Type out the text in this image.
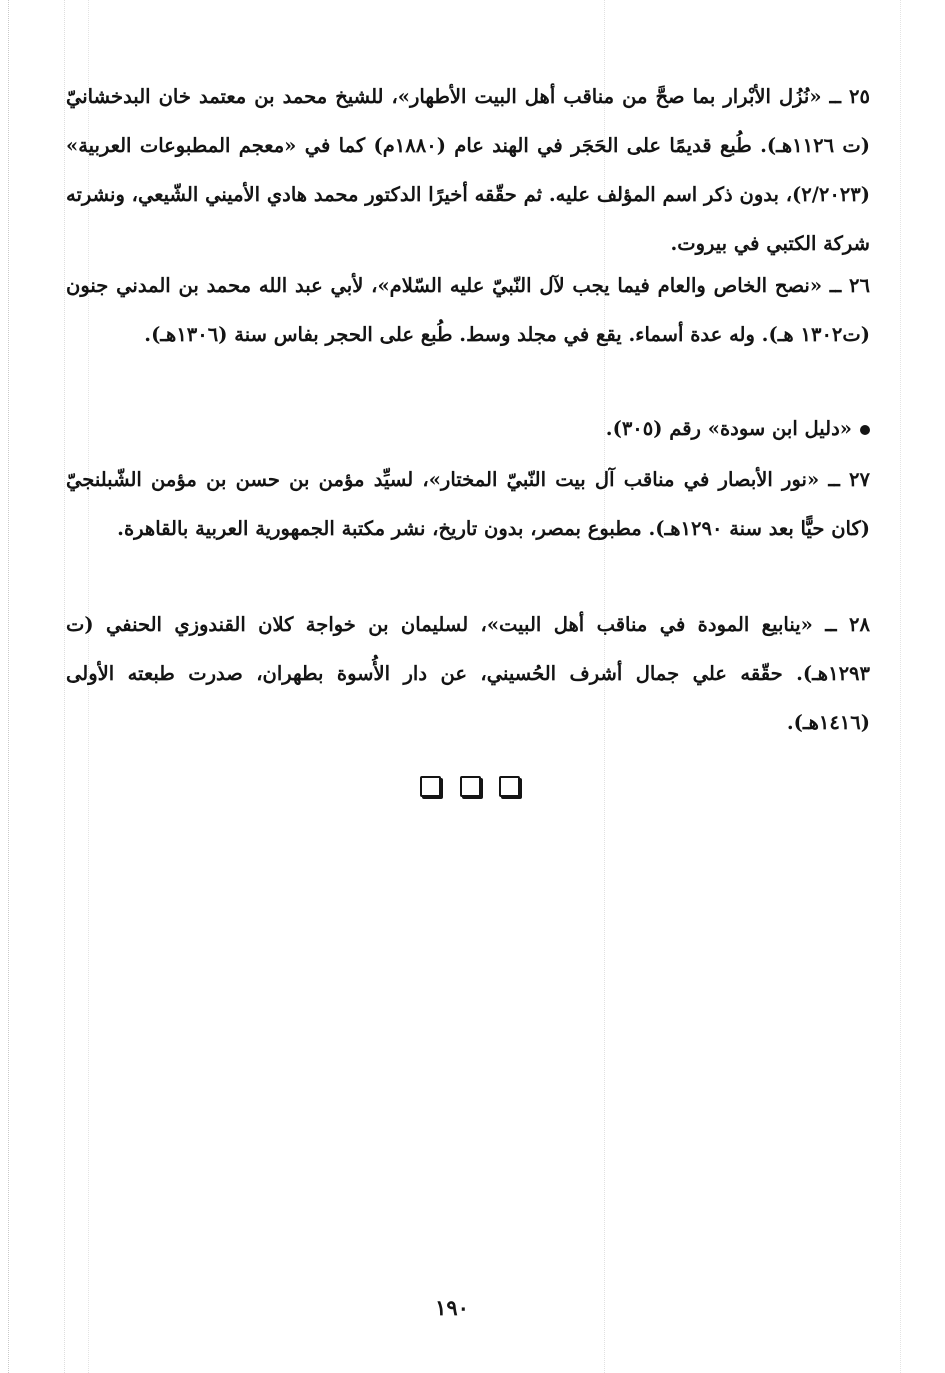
٢٥ ــ «نُزُل الأبْرار بما صحَّ من مناقب أهل البيت الأطهار»، للشيخ محمد بن معتمد خان البدخشانيّ (ت ١١٢٦هـ). طُبع قديمًا على الحَجَر في الهند عام (١٨٨٠م) كما في «معجم المطبوعات العربية» (٢/٢٠٢٣)، بدون ذكر اسم المؤلف عليه. ثم حقّقه أخيرًا الدكتور محمد هادي الأميني الشّيعي، ونشرته شركة الكتبي في بيروت.

٢٦ ــ «نصح الخاص والعام فيما يجب لآل النّبيّ عليه السّلام»، لأبي عبد الله محمد بن المدني جنون (ت١٣٠٢ هـ). وله عدة أسماء. يقع في مجلد وسط. طُبع على الحجر بفاس سنة (١٣٠٦هـ).

«دليل ابن سودة» رقم (٣٠٥).

٢٧ ــ «نور الأبصار في مناقب آل بيت النّبيّ المختار»، لسيِّد مؤمن بن حسن بن مؤمن الشّبلنجيّ (كان حيًّا بعد سنة ١٢٩٠هـ). مطبوع بمصر، بدون تاريخ، نشر مكتبة الجمهورية العربية بالقاهرة.

٢٨ ــ «ينابيع المودة في مناقب أهل البيت»، لسليمان بن خواجة كلان القندوزي الحنفي (ت ١٢٩٣هـ). حقّقه علي جمال أشرف الحُسيني، عن دار الأُسوة بطهران، صدرت طبعته الأولى (١٤١٦هـ).

١٩٠
